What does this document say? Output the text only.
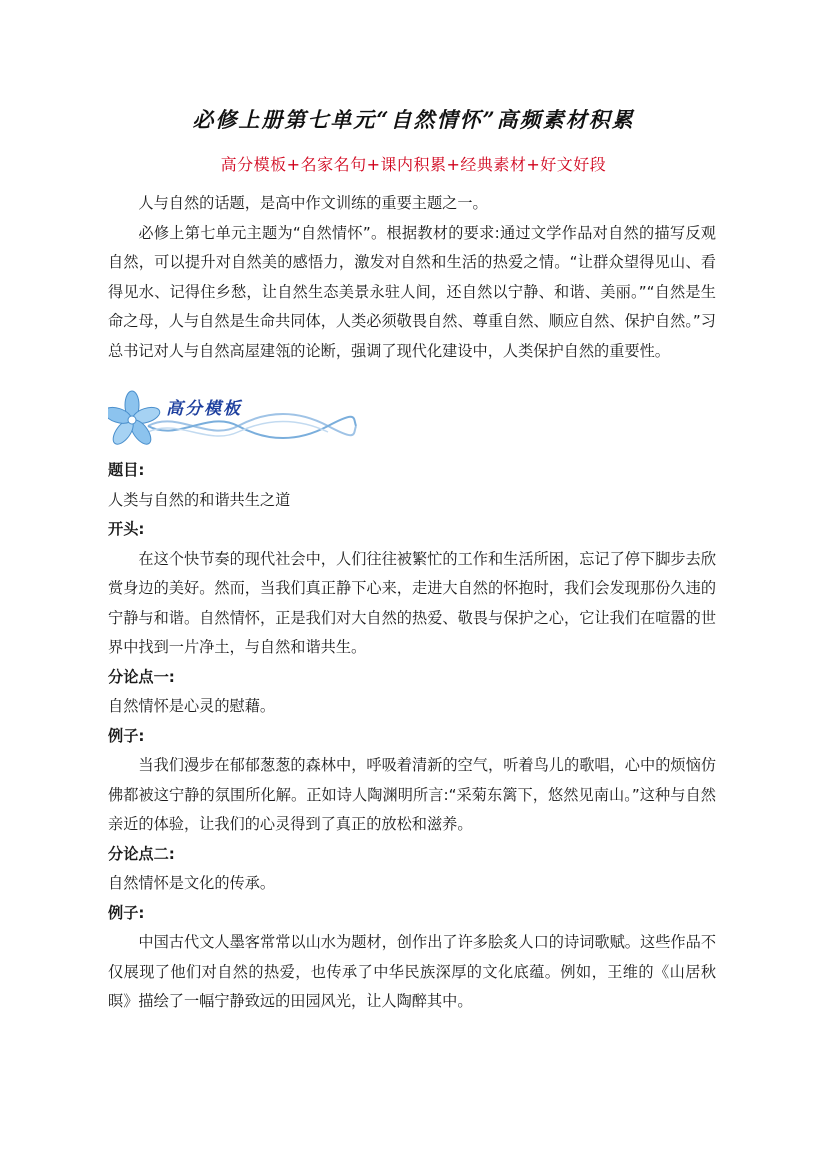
必修上册第七单元“自然情怀”高频素材积累
高分模板+名家名句+课内积累+经典素材+好文好段

人与自然的话题，是高中作文训练的重要主题之一。

必修上第七单元主题为“自然情怀”。根据教材的要求:通过文学作品对自然的描写反观自然，可以提升对自然美的感悟力，激发对自然和生活的热爱之情。“让群众望得见山、看得见水、记得住乡愁，让自然生态美景永驻人间，还自然以宁静、和谐、美丽。”“自然是生命之母，人与自然是生命共同体，人类必须敬畏自然、尊重自然、顺应自然、保护自然。”习总书记对人与自然高屋建瓴的论断，强调了现代化建设中，人类保护自然的重要性。

高分模板

题目:

人类与自然的和谐共生之道

开头:

在这个快节奏的现代社会中，人们往往被繁忙的工作和生活所困，忘记了停下脚步去欣赏身边的美好。然而，当我们真正静下心来，走进大自然的怀抱时，我们会发现那份久违的宁静与和谐。自然情怀，正是我们对大自然的热爱、敬畏与保护之心，它让我们在喧嚣的世界中找到一片净土，与自然和谐共生。

分论点一:

自然情怀是心灵的慰藉。

例子:

当我们漫步在郁郁葱葱的森林中，呼吸着清新的空气，听着鸟儿的歌唱，心中的烦恼仿佛都被这宁静的氛围所化解。正如诗人陶渊明所言:“采菊东篱下，悠然见南山。”这种与自然亲近的体验，让我们的心灵得到了真正的放松和滋养。

分论点二:

自然情怀是文化的传承。

例子:

中国古代文人墨客常常以山水为题材，创作出了许多脍炙人口的诗词歌赋。这些作品不仅展现了他们对自然的热爱，也传承了中华民族深厚的文化底蕴。例如，王维的《山居秋暝》描绘了一幅宁静致远的田园风光，让人陶醉其中。
